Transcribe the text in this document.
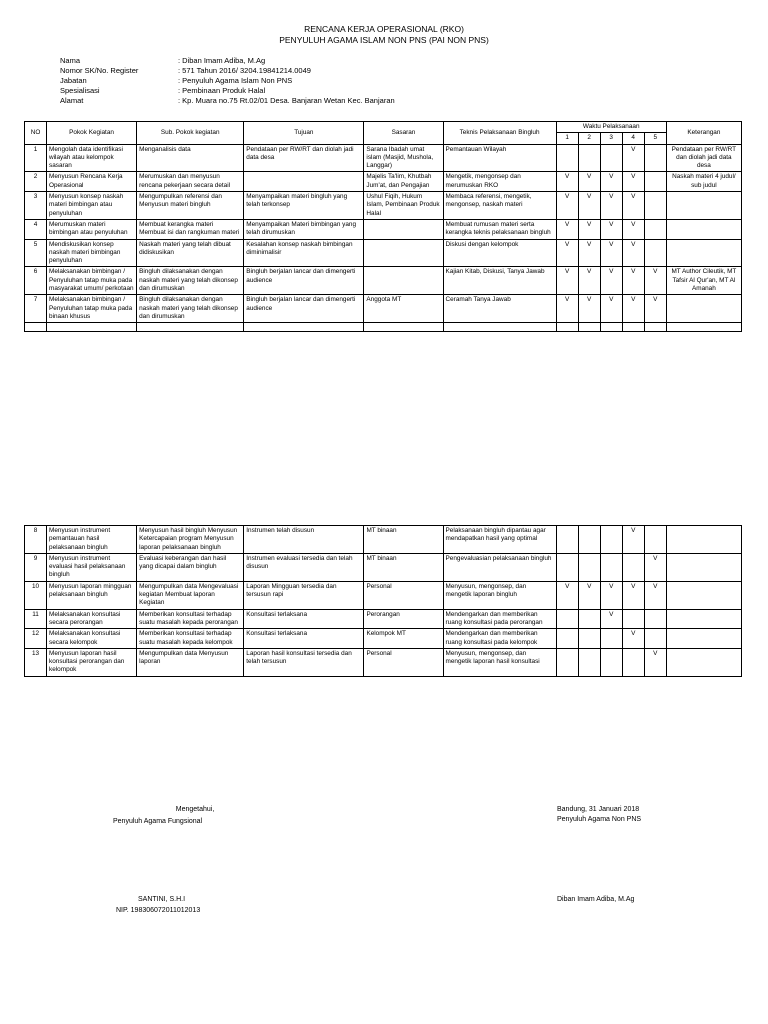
RENCANA KERJA OPERASIONAL (RKO)
PENYULUH AGAMA ISLAM NON PNS (PAI NON PNS)
Nama	: Diban Imam Adiba, M.Ag
Nomor SK/No. Register	: 571 Tahun 2016/ 3204.19841214.0049
Jabatan	: Penyuluh Agama Islam Non PNS
Spesialisasi	: Pembinaan Produk Halal
Alamat	: Kp. Muara no.75 Rt.02/01 Desa. Banjaran Wetan Kec. Banjaran
NO	Pokok Kegiatan	Sub. Pokok kegiatan	Tujuan	Sasaran	Teknis Pelaksanaan Bingluh	Waktu Pelaksanaan					Keterangan
						1	2	3	4	5	
1	Mengolah data identifikasi wilayah atau kelompok sasaran	Menganalisis data	Pendataan per RW/RT dan diolah jadi data desa	Sarana Ibadah umat islam (Masjid, Mushola, Langgar)	Pemantauan Wilayah				V		Pendataan per RW/RT dan diolah jadi data desa
2	Menyusun Rencana Kerja Operasional	Merumuskan dan menyusun rencana pekerjaan secara detail		Majelis Ta'lim, Khutbah Jum'at, dan Pengajian	Mengetik, mengonsep dan merumuskan RKO	V	V	V	V		Naskah materi 4 judul/ sub judul
3	Menyusun konsep naskah materi bimbingan atau penyuluhan	Mengumpulkan referensi dan Menyusun materi bingluh	Menyampaikan materi bingluh yang telah terkonsep	Ushul Fiqih, Hukum Islam, Pembinaan Produk Halal	Membaca referensi, mengetik, mengonsep, naskah materi	V	V	V	V		
4	Merumuskan materi bimbingan atau penyuluhan	Membuat kerangka materi Membuat isi dan rangkuman materi	Menyampaikan Materi bimbingan yang telah dirumuskan		Membuat rumusan materi serta kerangka teknis pelaksanaan bingluh	V	V	V	V		
5	Mendiskusikan konsep naskah materi bimbingan penyuluhan	Naskah materi yang telah dibuat didiskusikan	Kesalahan konsep naskah bimbingan diminimalisir		Diskusi dengan kelompok	V	V	V	V		
6	Melaksanakan bimbingan / Penyuluhan tatap muka pada masyarakat umum/ perkotaan	Bingluh dilaksanakan dengan naskah materi yang telah dikonsep dan dirumuskan	Bingluh berjalan lancar dan dimengerti audience		Kajian Kitab, Diskusi, Tanya Jawab	V	V	V	V	V	MT Author Cileutik, MT Tafsir Al Qur'an, MT Al Amanah
7	Melaksanakan bimbingan / Penyuluhan tatap muka pada binaan khusus	Bingluh dilaksanakan dengan naskah materi yang telah dikonsep dan dirumuskan	Bingluh berjalan lancar dan dimengerti audience	Anggota MT	Ceramah Tanya Jawab	V	V	V	V	V	

8	Menyusun instrument pemantauan hasil pelaksanaan bingluh	Menyusun hasil bingluh Menyusun Ketercapaian program Menyusun laporan pelaksanaan bingluh	Instrumen telah disusun	MT binaan	Pelaksanaan bingluh dipantau agar mendapatkan hasil yang optimal				V		
9	Menyusun instrument evaluasi hasil pelaksanaan bingluh	Evaluasi keberangan dan hasil yang dicapai dalam bingluh	Instrumen evaluasi tersedia dan telah disusun	MT binaan	Pengevaluasian pelaksanaan bingluh					V	
10	Menyusun laporan mingguan pelaksanaan bingluh	Mengumpulkan data Mengevaluasi kegiatan Membuat laporan Kegiatan	Laporan Mingguan tersedia dan tersusun rapi	Personal	Menyusun, mengonsep, dan mengetik laporan bingluh	V	V	V	V	V	
11	Melaksanakan konsultasi secara perorangan	Memberikan konsultasi terhadap suatu masalah kepada perorangan	Konsultasi terlaksana	Perorangan	Mendengarkan dan memberikan ruang konsultasi pada perorangan			V			
12	Melaksanakan konsultasi secara kelompok	Memberikan konsultasi terhadap suatu masalah kepada kelompok	Konsultasi terlaksana	Kelompok MT	Mendengarkan dan memberikan ruang konsultasi pada kelompok				V		
13	Menyusun laporan hasil konsultasi perorangan dan kelompok	Mengumpulkan data Menyusun laporan	Laporan hasil konsultasi tersedia dan telah tersusun	Personal	Menyusun, mengonsep, dan mengetik laporan hasil konsultasi					V	
Mengetahui,
Penyuluh Agama Fungsional
SANTINI, S.H.I
NIP. 198306072011012013
Bandung, 31 Januari 2018
Penyuluh Agama Non PNS
Diban Imam Adiba, M.Ag
